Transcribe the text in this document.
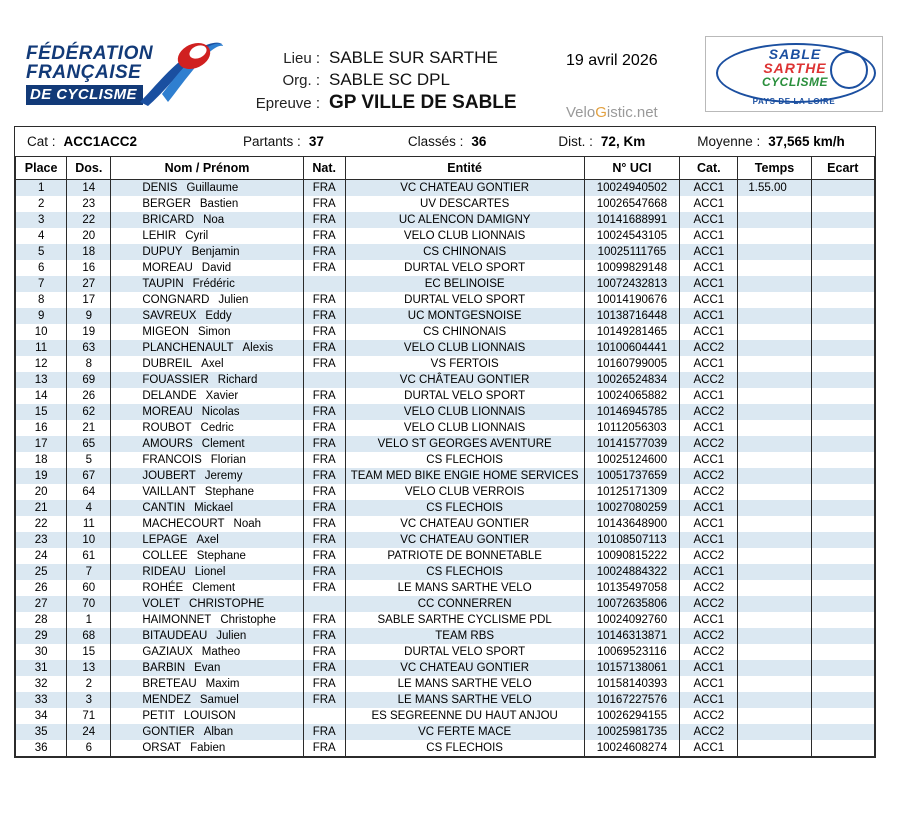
FÉDÉRATION
FRANÇAISE
DE CYCLISME
Lieu : SABLE SUR SARTHE
Org. : SABLE SC DPL
Epreuve : GP VILLE DE SABLE
19 avril 2026
VeloGistic.net
SABLE
SARTHE
CYCLISME
PAYS DE LA LOIRE
Cat : ACC1ACC2	Partants : 37	Classés : 36	Dist. : 72, Km	Moyenne : 37,565 km/h
Place	Dos.	Nom / Prénom	Nat.	Entité	N° UCI	Cat.	Temps	Ecart
1	14	DENIS Guillaume	FRA	VC CHATEAU GONTIER	10024940502	ACC1	1.55.00	
2	23	BERGER Bastien	FRA	UV DESCARTES	10026547668	ACC1		
3	22	BRICARD Noa	FRA	UC ALENCON DAMIGNY	10141688991	ACC1		
4	20	LEHIR Cyril	FRA	VELO CLUB LIONNAIS	10024543105	ACC1		
5	18	DUPUY Benjamin	FRA	CS CHINONAIS	10025111765	ACC1		
6	16	MOREAU David	FRA	DURTAL VELO SPORT	10099829148	ACC1		
7	27	TAUPIN Frédéric		EC BELINOISE	10072432813	ACC1		
8	17	CONGNARD Julien	FRA	DURTAL VELO SPORT	10014190676	ACC1		
9	9	SAVREUX Eddy	FRA	UC MONTGESNOISE	10138716448	ACC1		
10	19	MIGEON Simon	FRA	CS CHINONAIS	10149281465	ACC1		
11	63	PLANCHENAULT Alexis	FRA	VELO CLUB LIONNAIS	10100604441	ACC2		
12	8	DUBREIL Axel	FRA	VS FERTOIS	10160799005	ACC1		
13	69	FOUASSIER Richard		VC CHÂTEAU GONTIER	10026524834	ACC2		
14	26	DELANDE Xavier	FRA	DURTAL VELO SPORT	10024065882	ACC1		
15	62	MOREAU Nicolas	FRA	VELO CLUB LIONNAIS	10146945785	ACC2		
16	21	ROUBOT Cedric	FRA	VELO CLUB LIONNAIS	10112056303	ACC1		
17	65	AMOURS Clement	FRA	VELO ST GEORGES AVENTURE	10141577039	ACC2		
18	5	FRANCOIS Florian	FRA	CS FLECHOIS	10025124600	ACC1		
19	67	JOUBERT Jeremy	FRA	TEAM MED BIKE ENGIE HOME SERVICES	10051737659	ACC2		
20	64	VAILLANT Stephane	FRA	VELO CLUB VERROIS	10125171309	ACC2		
21	4	CANTIN Mickael	FRA	CS FLECHOIS	10027080259	ACC1		
22	11	MACHECOURT Noah	FRA	VC CHATEAU GONTIER	10143648900	ACC1		
23	10	LEPAGE Axel	FRA	VC CHATEAU GONTIER	10108507113	ACC1		
24	61	COLLEE Stephane	FRA	PATRIOTE DE BONNETABLE	10090815222	ACC2		
25	7	RIDEAU Lionel	FRA	CS FLECHOIS	10024884322	ACC1		
26	60	ROHÉE Clement	FRA	LE MANS SARTHE VELO	10135497058	ACC2		
27	70	VOLET CHRISTOPHE		CC CONNERREN	10072635806	ACC2		
28	1	HAIMONNET Christophe	FRA	SABLE SARTHE CYCLISME PDL	10024092760	ACC1		
29	68	BITAUDEAU Julien	FRA	TEAM RBS	10146313871	ACC2		
30	15	GAZIAUX Matheo	FRA	DURTAL VELO SPORT	10069523116	ACC2		
31	13	BARBIN Evan	FRA	VC CHATEAU GONTIER	10157138061	ACC1		
32	2	BRETEAU Maxim	FRA	LE MANS SARTHE VELO	10158140393	ACC1		
33	3	MENDEZ Samuel	FRA	LE MANS SARTHE VELO	10167227576	ACC1		
34	71	PETIT LOUISON		ES SEGREENNE DU HAUT ANJOU	10026294155	ACC2		
35	24	GONTIER Alban	FRA	VC FERTE MACE	10025981735	ACC2		
36	6	ORSAT Fabien	FRA	CS FLECHOIS	10024608274	ACC1		
